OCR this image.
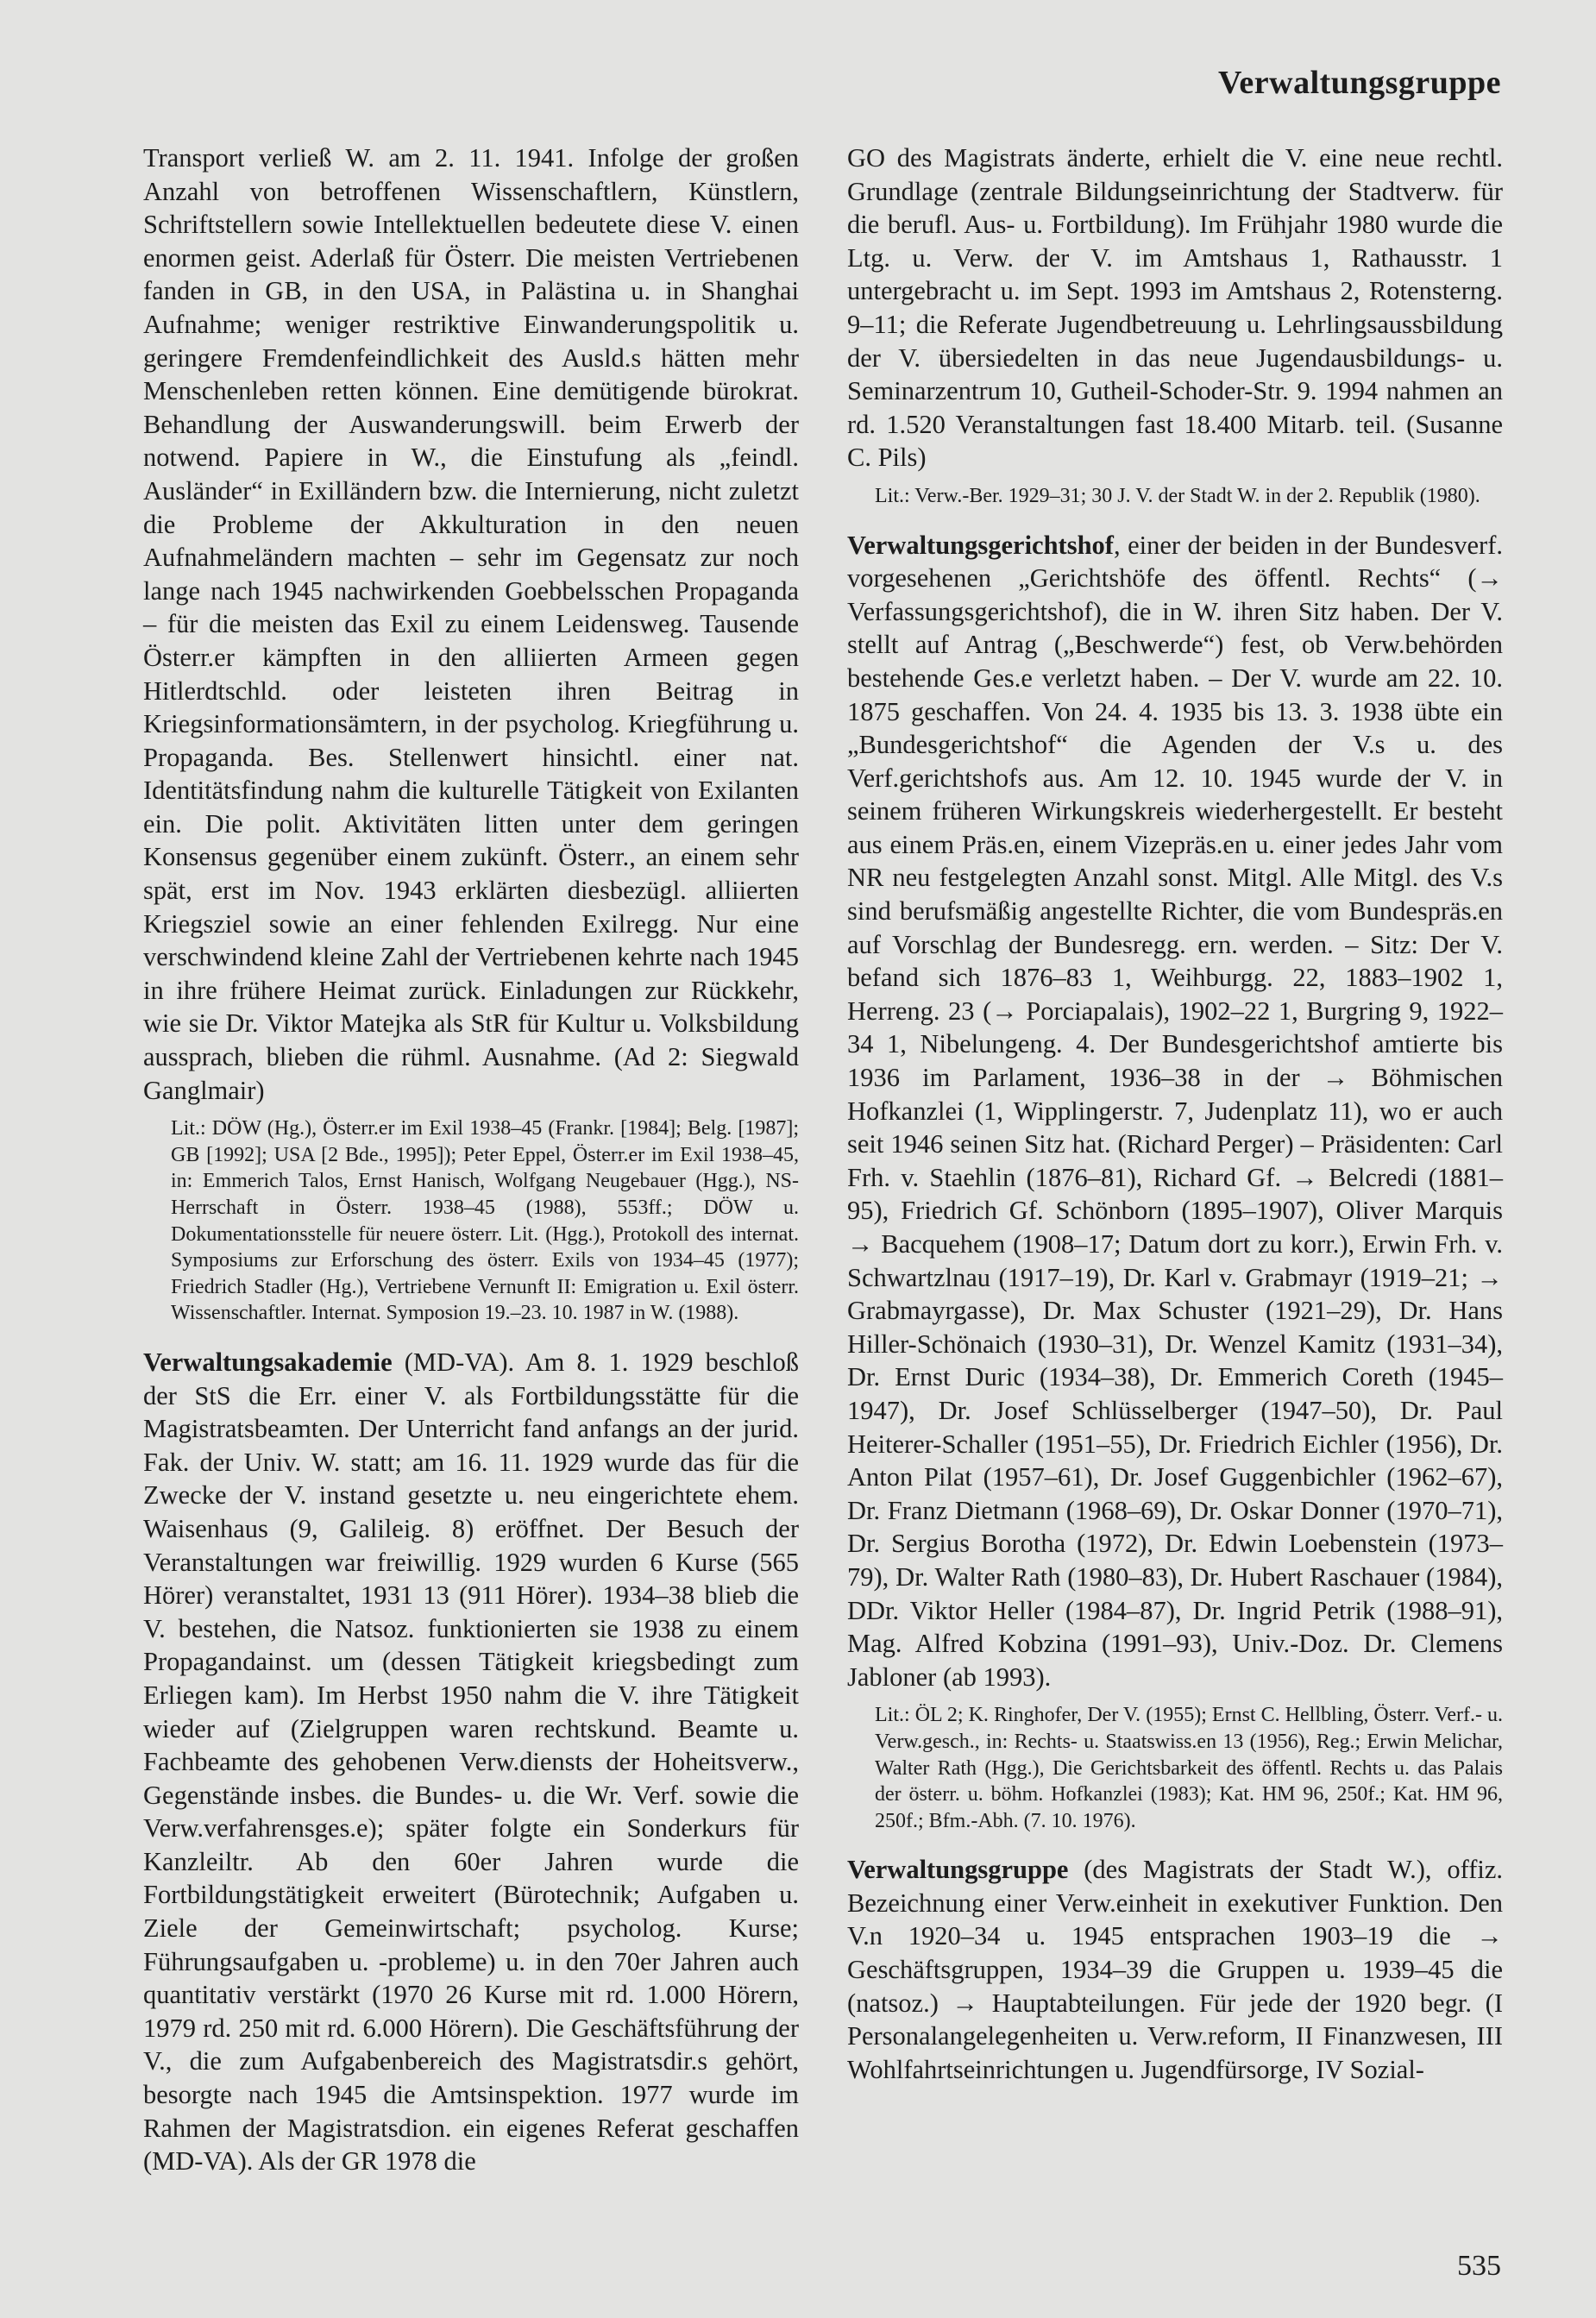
Verwaltungsgruppe

Transport verließ W. am 2. 11. 1941. Infolge der großen Anzahl von betroffenen Wissenschaftlern, Künstlern, Schriftstellern sowie Intellektuellen bedeutete diese V. einen enormen geist. Aderlaß für Österr. Die meisten Vertriebenen fanden in GB, in den USA, in Palästina u. in Shanghai Aufnahme; weniger restriktive Einwanderungspolitik u. geringere Fremdenfeindlichkeit des Ausld.s hätten mehr Menschenleben retten können. Eine demütigende bürokrat. Behandlung der Auswanderungswill. beim Erwerb der notwend. Papiere in W., die Einstufung als „feindl. Ausländer“ in Exilländern bzw. die Internierung, nicht zuletzt die Probleme der Akkulturation in den neuen Aufnahmeländern machten – sehr im Gegensatz zur noch lange nach 1945 nachwirkenden Goebbelsschen Propaganda – für die meisten das Exil zu einem Leidensweg. Tausende Österr.er kämpften in den alliierten Armeen gegen Hitlerdtschld. oder leisteten ihren Beitrag in Kriegsinformationsämtern, in der psycholog. Kriegführung u. Propaganda. Bes. Stellenwert hinsichtl. einer nat. Identitätsfindung nahm die kulturelle Tätigkeit von Exilanten ein. Die polit. Aktivitäten litten unter dem geringen Konsensus gegenüber einem zukünft. Österr., an einem sehr spät, erst im Nov. 1943 erklärten diesbezügl. alliierten Kriegsziel sowie an einer fehlenden Exilregg. Nur eine verschwindend kleine Zahl der Vertriebenen kehrte nach 1945 in ihre frühere Heimat zurück. Einladungen zur Rückkehr, wie sie Dr. Viktor Matejka als StR für Kultur u. Volksbildung aussprach, blieben die rühml. Ausnahme. (Ad 2: Siegwald Ganglmair)

Lit.: DÖW (Hg.), Österr.er im Exil 1938–45 (Frankr. [1984]; Belg. [1987]; GB [1992]; USA [2 Bde., 1995]); Peter Eppel, Österr.er im Exil 1938–45, in: Emmerich Talos, Ernst Hanisch, Wolfgang Neugebauer (Hgg.), NS-Herrschaft in Österr. 1938–45 (1988), 553ff.; DÖW u. Dokumentationsstelle für neuere österr. Lit. (Hgg.), Protokoll des internat. Symposiums zur Erforschung des österr. Exils von 1934–45 (1977); Friedrich Stadler (Hg.), Vertriebene Vernunft II: Emigration u. Exil österr. Wissenschaftler. Internat. Symposion 19.–23. 10. 1987 in W. (1988).

Verwaltungsakademie (MD-VA). Am 8. 1. 1929 beschloß der StS die Err. einer V. als Fortbildungsstätte für die Magistratsbeamten. Der Unterricht fand anfangs an der jurid. Fak. der Univ. W. statt; am 16. 11. 1929 wurde das für die Zwecke der V. instand gesetzte u. neu eingerichtete ehem. Waisenhaus (9, Galileig. 8) eröffnet. Der Besuch der Veranstaltungen war freiwillig. 1929 wurden 6 Kurse (565 Hörer) veranstaltet, 1931 13 (911 Hörer). 1934–38 blieb die V. bestehen, die Natsoz. funktionierten sie 1938 zu einem Propagandainst. um (dessen Tätigkeit kriegsbedingt zum Erliegen kam). Im Herbst 1950 nahm die V. ihre Tätigkeit wieder auf (Zielgruppen waren rechtskund. Beamte u. Fachbeamte des gehobenen Verw.diensts der Hoheitsverw., Gegenstände insbes. die Bundes- u. die Wr. Verf. sowie die Verw.verfahrensges.e); später folgte ein Sonderkurs für Kanzleiltr. Ab den 60er Jahren wurde die Fortbildungstätigkeit erweitert (Bürotechnik; Aufgaben u. Ziele der Gemeinwirtschaft; psycholog. Kurse; Führungsaufgaben u. -probleme) u. in den 70er Jahren auch quantitativ verstärkt (1970 26 Kurse mit rd. 1.000 Hörern, 1979 rd. 250 mit rd. 6.000 Hörern). Die Geschäftsführung der V., die zum Aufgabenbereich des Magistratsdir.s gehört, besorgte nach 1945 die Amtsinspektion. 1977 wurde im Rahmen der Magistratsdion. ein eigenes Referat geschaffen (MD-VA). Als der GR 1978 die

GO des Magistrats änderte, erhielt die V. eine neue rechtl. Grundlage (zentrale Bildungseinrichtung der Stadtverw. für die berufl. Aus- u. Fortbildung). Im Frühjahr 1980 wurde die Ltg. u. Verw. der V. im Amtshaus 1, Rathausstr. 1 untergebracht u. im Sept. 1993 im Amtshaus 2, Rotensterng. 9–11; die Referate Jugendbetreuung u. Lehrlingsaussbildung der V. übersiedelten in das neue Jugendausbildungs- u. Seminarzentrum 10, Gutheil-Schoder-Str. 9. 1994 nahmen an rd. 1.520 Veranstaltungen fast 18.400 Mitarb. teil. (Susanne C. Pils)

Lit.: Verw.-Ber. 1929–31; 30 J. V. der Stadt W. in der 2. Republik (1980).

Verwaltungsgerichtshof, einer der beiden in der Bundesverf. vorgesehenen „Gerichtshöfe des öffentl. Rechts“ (→ Verfassungsgerichtshof), die in W. ihren Sitz haben. Der V. stellt auf Antrag („Beschwerde“) fest, ob Verw.behörden bestehende Ges.e verletzt haben. – Der V. wurde am 22. 10. 1875 geschaffen. Von 24. 4. 1935 bis 13. 3. 1938 übte ein „Bundesgerichtshof“ die Agenden der V.s u. des Verf.gerichtshofs aus. Am 12. 10. 1945 wurde der V. in seinem früheren Wirkungskreis wiederhergestellt. Er besteht aus einem Präs.en, einem Vizepräs.en u. einer jedes Jahr vom NR neu festgelegten Anzahl sonst. Mitgl. Alle Mitgl. des V.s sind berufsmäßig angestellte Richter, die vom Bundespräs.en auf Vorschlag der Bundesregg. ern. werden. – Sitz: Der V. befand sich 1876–83 1, Weihburgg. 22, 1883–1902 1, Herreng. 23 (→ Porciapalais), 1902–22 1, Burgring 9, 1922–34 1, Nibelungeng. 4. Der Bundesgerichtshof amtierte bis 1936 im Parlament, 1936–38 in der → Böhmischen Hofkanzlei (1, Wipplingerstr. 7, Judenplatz 11), wo er auch seit 1946 seinen Sitz hat. (Richard Perger) – Präsidenten: Carl Frh. v. Staehlin (1876–81), Richard Gf. → Belcredi (1881–95), Friedrich Gf. Schönborn (1895–1907), Oliver Marquis → Bacquehem (1908–17; Datum dort zu korr.), Erwin Frh. v. Schwartzlnau (1917–19), Dr. Karl v. Grabmayr (1919–21; → Grabmayrgasse), Dr. Max Schuster (1921–29), Dr. Hans Hiller-Schönaich (1930–31), Dr. Wenzel Kamitz (1931–34), Dr. Ernst Duric (1934–38), Dr. Emmerich Coreth (1945–1947), Dr. Josef Schlüsselberger (1947–50), Dr. Paul Heiterer-Schaller (1951–55), Dr. Friedrich Eichler (1956), Dr. Anton Pilat (1957–61), Dr. Josef Guggenbichler (1962–67), Dr. Franz Dietmann (1968–69), Dr. Oskar Donner (1970–71), Dr. Sergius Borotha (1972), Dr. Edwin Loebenstein (1973–79), Dr. Walter Rath (1980–83), Dr. Hubert Raschauer (1984), DDr. Viktor Heller (1984–87), Dr. Ingrid Petrik (1988–91), Mag. Alfred Kobzina (1991–93), Univ.-Doz. Dr. Clemens Jabloner (ab 1993).

Lit.: ÖL 2; K. Ringhofer, Der V. (1955); Ernst C. Hellbling, Österr. Verf.- u. Verw.gesch., in: Rechts- u. Staatswiss.en 13 (1956), Reg.; Erwin Melichar, Walter Rath (Hgg.), Die Gerichtsbarkeit des öffentl. Rechts u. das Palais der österr. u. böhm. Hofkanzlei (1983); Kat. HM 96, 250f.; Kat. HM 96, 250f.; Bfm.-Abh. (7. 10. 1976).

Verwaltungsgruppe (des Magistrats der Stadt W.), offiz. Bezeichnung einer Verw.einheit in exekutiver Funktion. Den V.n 1920–34 u. 1945 entsprachen 1903–19 die → Geschäftsgruppen, 1934–39 die Gruppen u. 1939–45 die (natsoz.) → Hauptabteilungen. Für jede der 1920 begr. (I Personalangelegenheiten u. Verw.reform, II Finanzwesen, III Wohlfahrtseinrichtungen u. Jugendfürsorge, IV Sozial-

535
